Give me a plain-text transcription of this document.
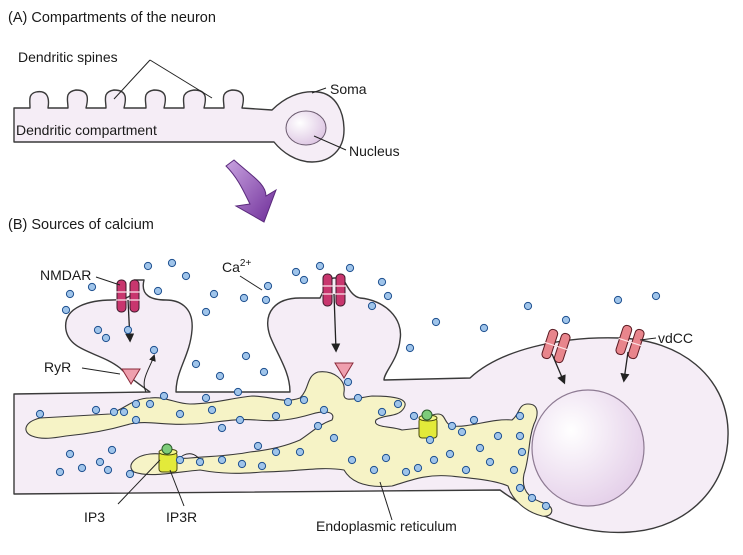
(A) Compartments of the neuron
Dendritic spines
Soma
Dendritic compartment
Nucleus
(B) Sources of calcium
NMDAR	$Ca^{2+}$
RyR
vdCC
IP3	IP3R
Endoplasmic reticulum
